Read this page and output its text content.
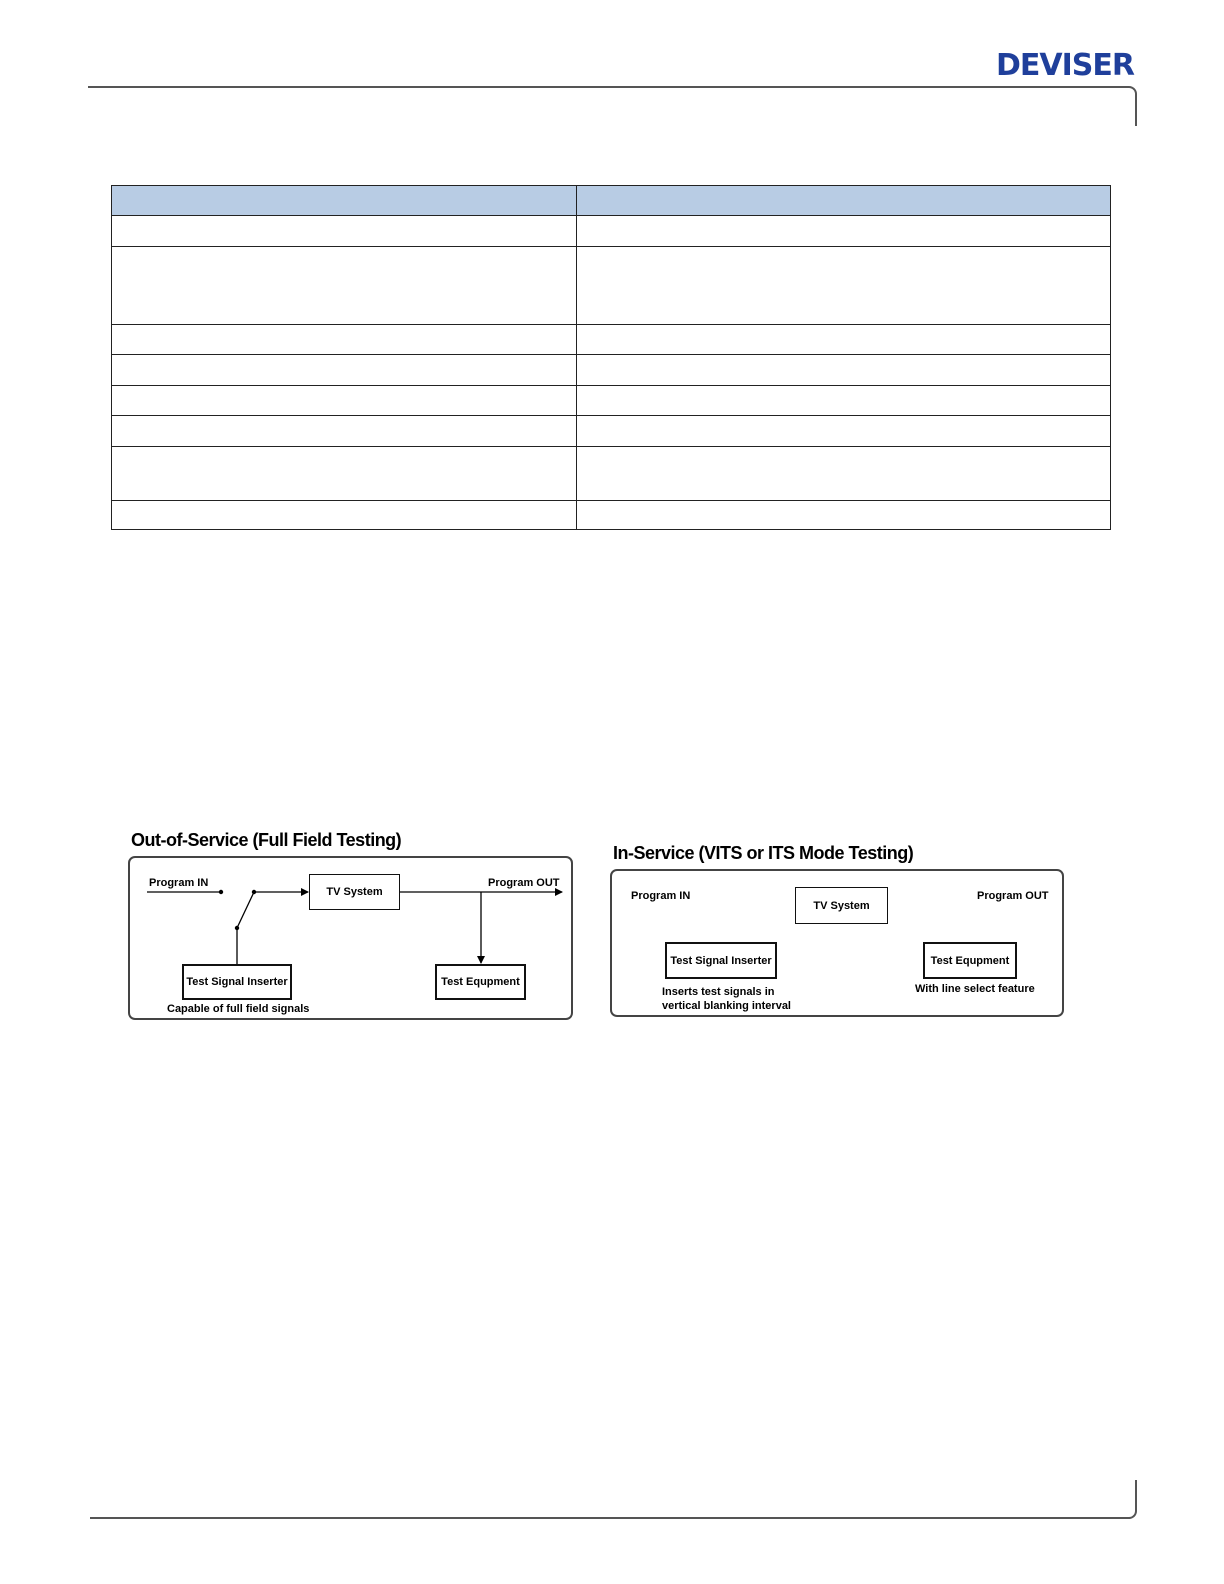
DEVISER

Out-of-Service (Full Field Testing)
Program IN	Program OUT
TV System
Test Signal Inserter	Test Equpment
Capable of full field signals
In-Service (VITS or ITS Mode Testing)
Program IN	Program OUT
TV System
Test Signal Inserter	Test Equpment
Inserts test signals in
vertical blanking interval
With line select feature
